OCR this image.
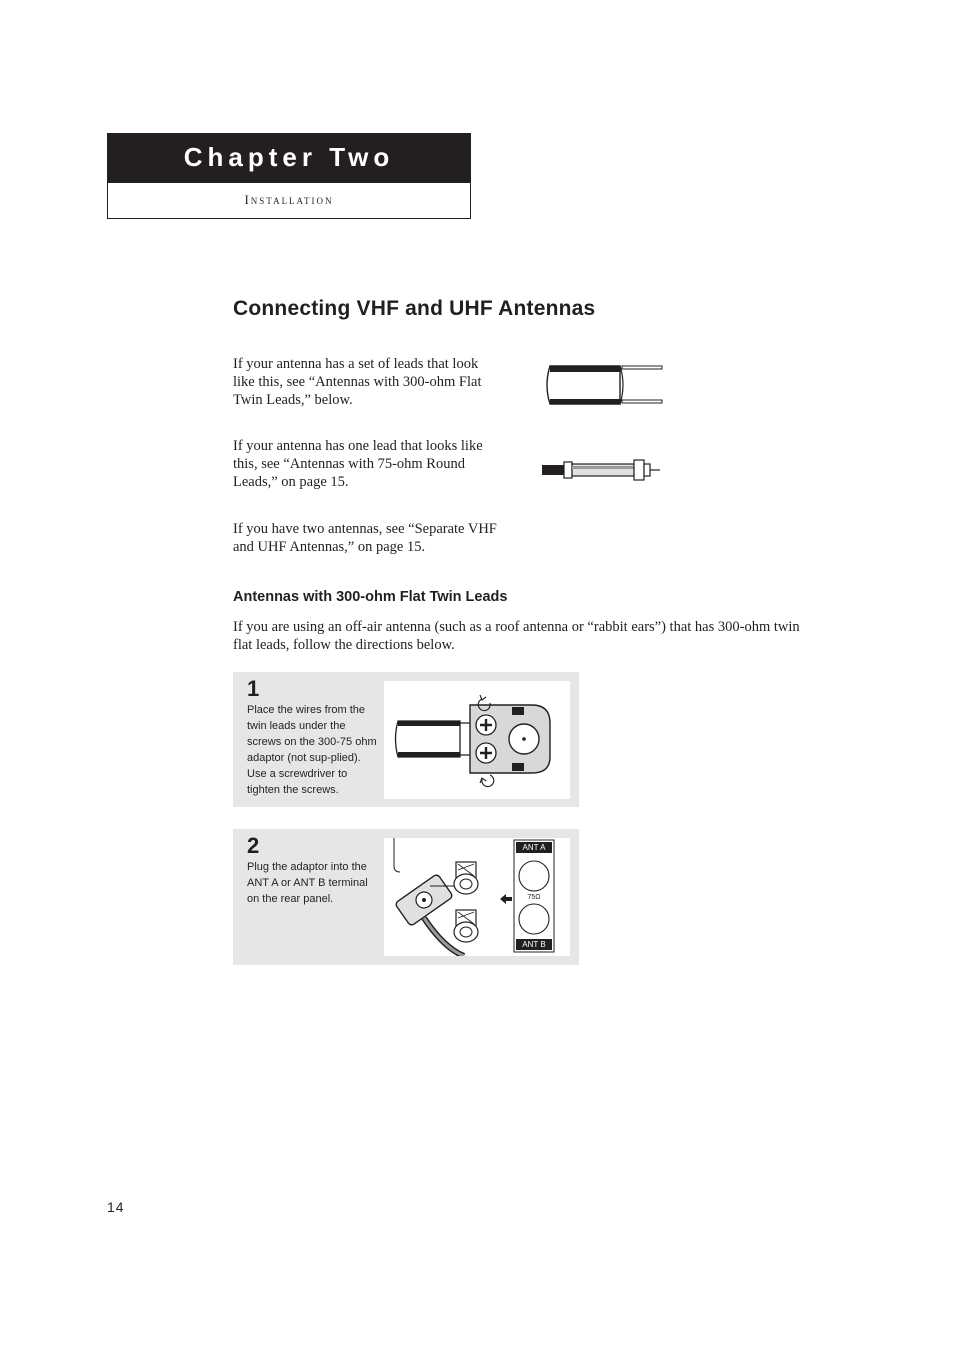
Chapter Two
Installation
Connecting VHF and UHF Antennas

If your antenna has a set of leads that look like this, see “Antennas with 300-ohm Flat Twin Leads,” below.

If your antenna has one lead that looks like this, see “Antennas with 75-ohm Round Leads,” on page 15.

If you have two antennas, see “Separate VHF and UHF Antennas,” on page 15.

Antennas with 300-ohm Flat Twin Leads

If you are using an off-air antenna (such as a roof antenna or “rabbit ears”) that has 300-ohm twin flat leads, follow the directions below.

1

Place the wires from the twin leads under the screws on the 300-75 ohm adaptor (not sup-plied). Use a screwdriver to tighten the screws.

2

Plug the adaptor into the ANT A or ANT B terminal on the rear panel.

ANT A
75Ω
ANT B
14
